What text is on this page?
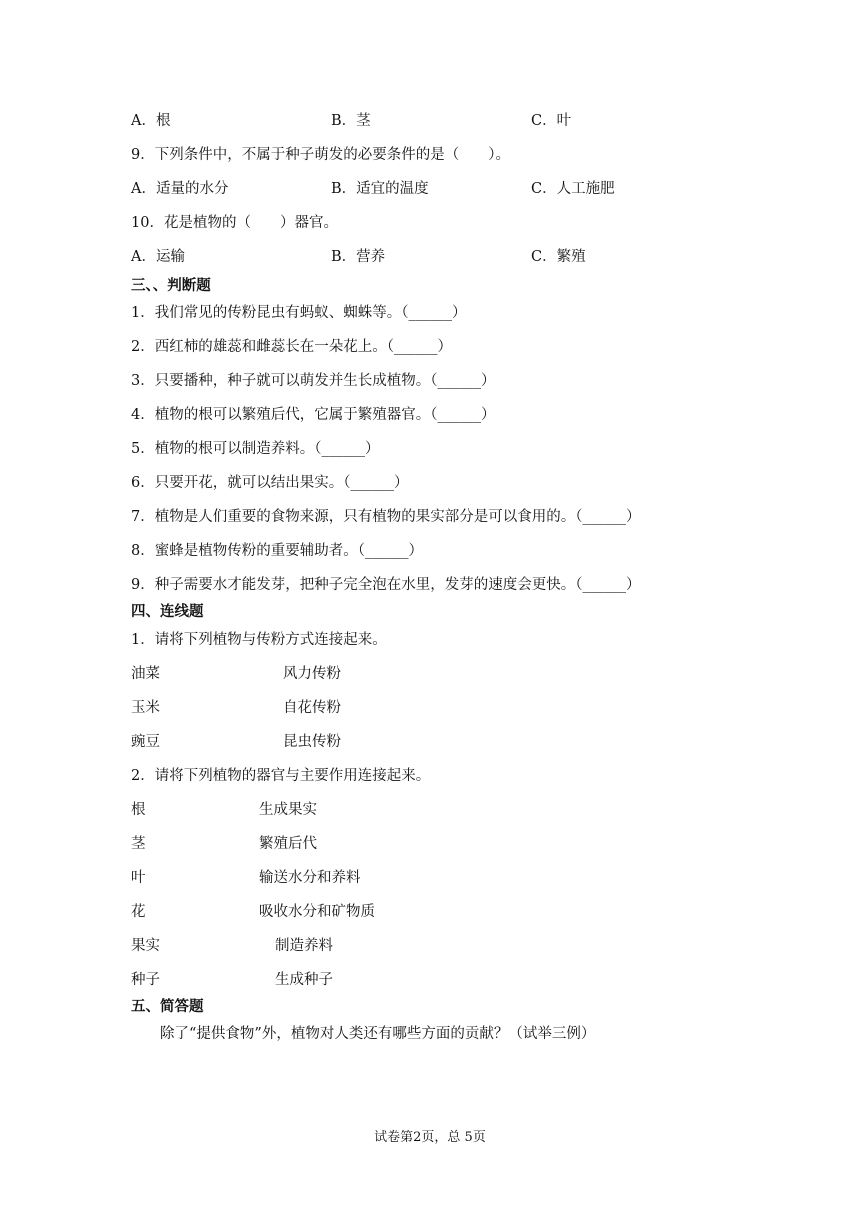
A．根	B．茎	C．叶
9．下列条件中，不属于种子萌发的必要条件的是（　　）。
A．适量的水分	B．适宜的温度	C．人工施肥
10．花是植物的（　　）器官。
A．运输	B．营养	C．繁殖
三、、判断题
1．我们常见的传粉昆虫有蚂蚁、蜘蛛等。（______）
2．西红柿的雄蕊和雌蕊长在一朵花上。（______）
3．只要播种，种子就可以萌发并生长成植物。（______）
4．植物的根可以繁殖后代，它属于繁殖器官。（______）
5．植物的根可以制造养料。（______）
6．只要开花，就可以结出果实。（______）
7．植物是人们重要的食物来源，只有植物的果实部分是可以食用的。（______）
8．蜜蜂是植物传粉的重要辅助者。（______）
9．种子需要水才能发芽，把种子完全泡在水里，发芽的速度会更快。（______）
四、连线题
1．请将下列植物与传粉方式连接起来。
油菜	风力传粉
玉米	自花传粉
豌豆	昆虫传粉
2．请将下列植物的器官与主要作用连接起来。
根	生成果实
茎	繁殖后代
叶	输送水分和养料
花	吸收水分和矿物质
果实	制造养料
种子	生成种子
五、简答题
除了“提供食物”外，植物对人类还有哪些方面的贡献？（试举三例）
试卷第2页，总 5页
